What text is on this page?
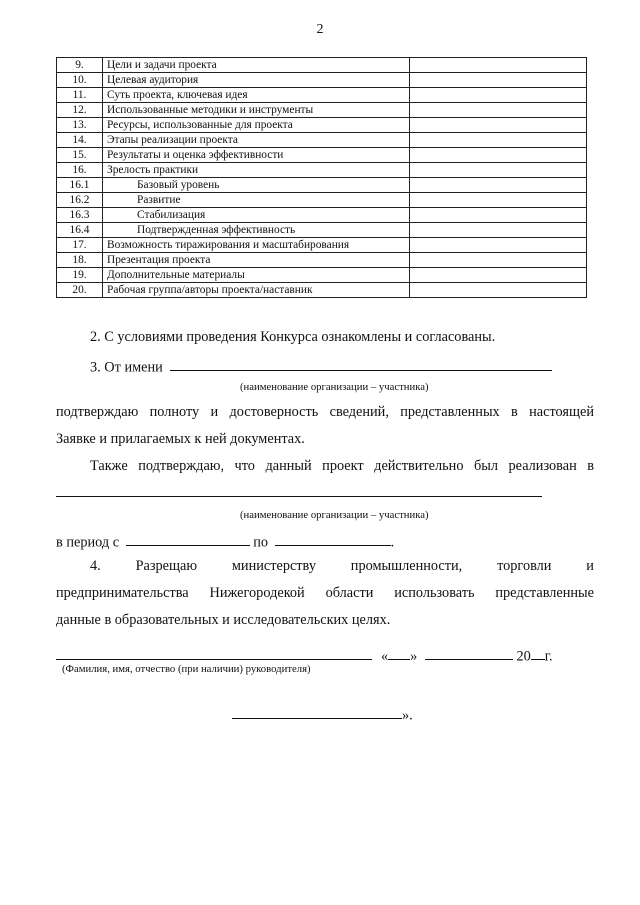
2
9.	Цели и задачи проекта	
10.	Целевая аудитория	
11.	Суть проекта, ключевая идея	
12.	Использованные методики и инструменты	
13.	Ресурсы, использованные для проекта	
14.	Этапы реализации проекта	
15.	Результаты и оценка эффективности	
16.	Зрелость практики	
16.1	Базовый уровень	
16.2	Развитие	
16.3	Стабилизация	
16.4	Подтвержденная эффективность	
17.	Возможность тиражирования и масштабирования	
18.	Презентация проекта	
19.	Дополнительные материалы	
20.	Рабочая группа/авторы проекта/наставник	
2. С условиями проведения Конкурса ознакомлены и согласованы.
3. От имени
(наименование организации – участника)
подтверждаю полноту и достоверность сведений, представленных в настоящей
Заявке и прилагаемых к ней документах.
Также подтверждаю, что данный проект действительно был реализован в
(наименование организации – участника)
в период с	по	.
4. Разрещаю министерству промышленности, торговли и
предпринимательства Нижегородекой области использовать представленные
данные в образовательных и исследовательских целях.
« »	20 г.
(Фамилия, имя, отчество (при наличии) руководителя)
».
